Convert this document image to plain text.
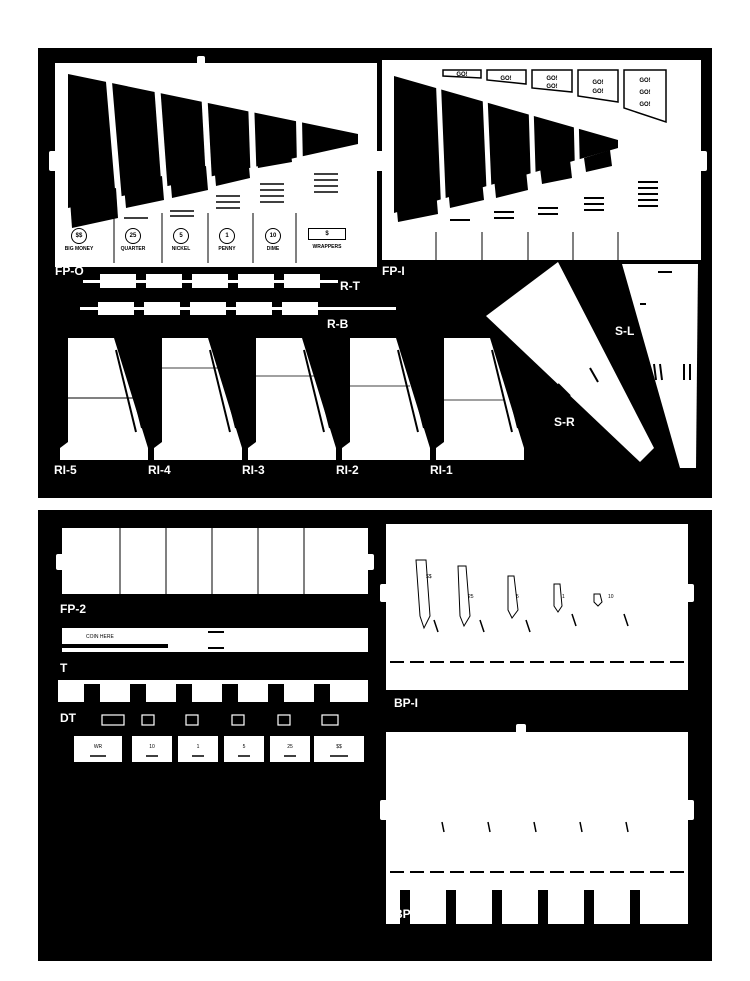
GO!
GO!	GO!
GO!
GO!
GO!
GO!
GO!
GO!
FP-O	FP-I
R-T
R-B	S-L
S-R
RI-5	RI-4	RI-3	RI-2	RI-1
WR	10	1	5	25	$$
$$
25	5	1	10
COIN HERE
FP-2
T
DT
BP-I
BP-O
$$
BIG MONEY
25
QUARTER
5
NICKEL
1
PENNY
10
DIME
$
WRAPPERS
